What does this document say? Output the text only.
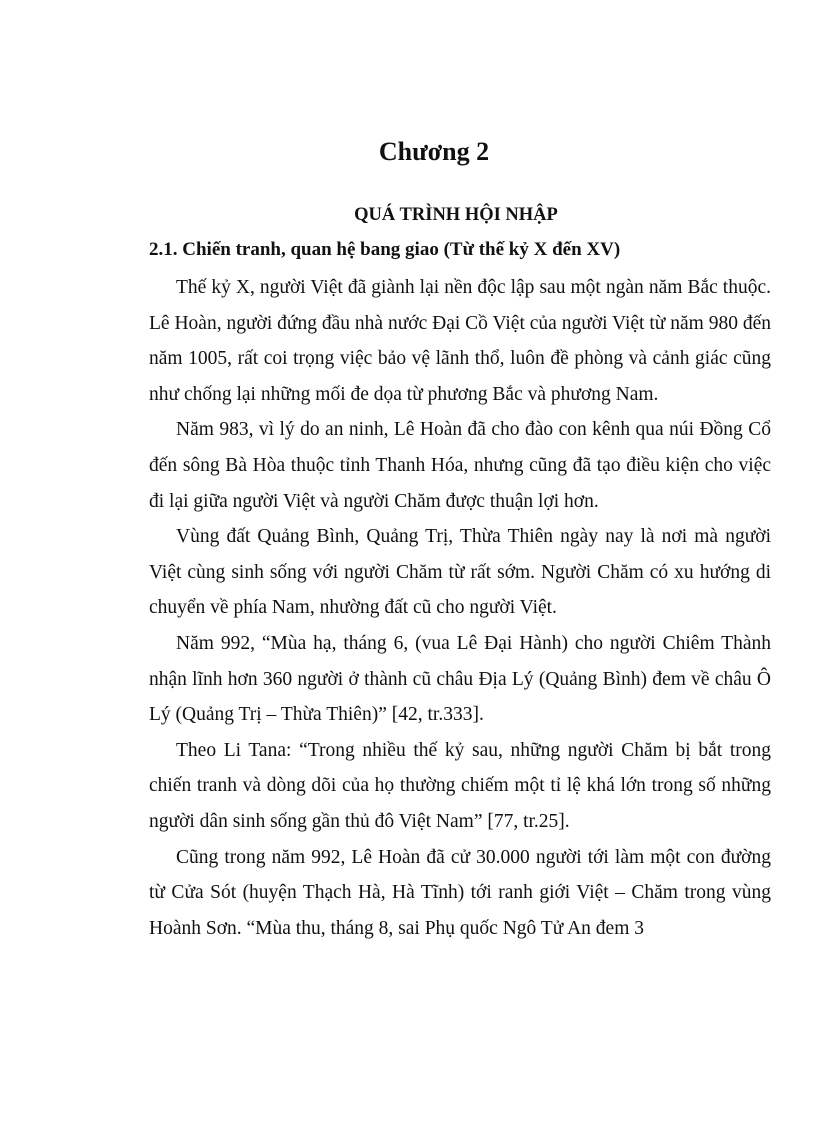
Chương 2
QUÁ TRÌNH HỘI NHẬP
2.1. Chiến tranh, quan hệ bang giao (Từ thế kỷ X đến XV)

Thế kỷ X, người Việt đã giành lại nền độc lập sau một ngàn năm Bắc thuộc. Lê Hoàn, người đứng đầu nhà nước Đại Cồ Việt của người Việt từ năm 980 đến năm 1005, rất coi trọng việc bảo vệ lãnh thổ, luôn đề phòng và cảnh giác cũng như chống lại những mối đe dọa từ phương Bắc và phương Nam.

Năm 983, vì lý do an ninh, Lê Hoàn đã cho đào con kênh qua núi Đồng Cổ đến sông Bà Hòa thuộc tỉnh Thanh Hóa, nhưng cũng đã tạo điều kiện cho việc đi lại giữa người Việt và người Chăm được thuận lợi hơn.

Vùng đất Quảng Bình, Quảng Trị, Thừa Thiên ngày nay là nơi mà người Việt cùng sinh sống với người Chăm từ rất sớm. Người Chăm có xu hướng di chuyển về phía Nam, nhường đất cũ cho người Việt.

Năm 992, “Mùa hạ, tháng 6, (vua Lê Đại Hành) cho người Chiêm Thành nhận lĩnh hơn 360 người ở thành cũ châu Địa Lý (Quảng Bình) đem về châu Ô Lý (Quảng Trị – Thừa Thiên)” [42, tr.333].

Theo Li Tana: “Trong nhiều thế kỷ sau, những người Chăm bị bắt trong chiến tranh và dòng dõi của họ thường chiếm một tỉ lệ khá lớn trong số những người dân sinh sống gần thủ đô Việt Nam” [77, tr.25].

Cũng trong năm 992, Lê Hoàn đã cử 30.000 người tới làm một con đường từ Cửa Sót (huyện Thạch Hà, Hà Tĩnh) tới ranh giới Việt – Chăm trong vùng Hoành Sơn. “Mùa thu, tháng 8, sai Phụ quốc Ngô Tử An đem 3
